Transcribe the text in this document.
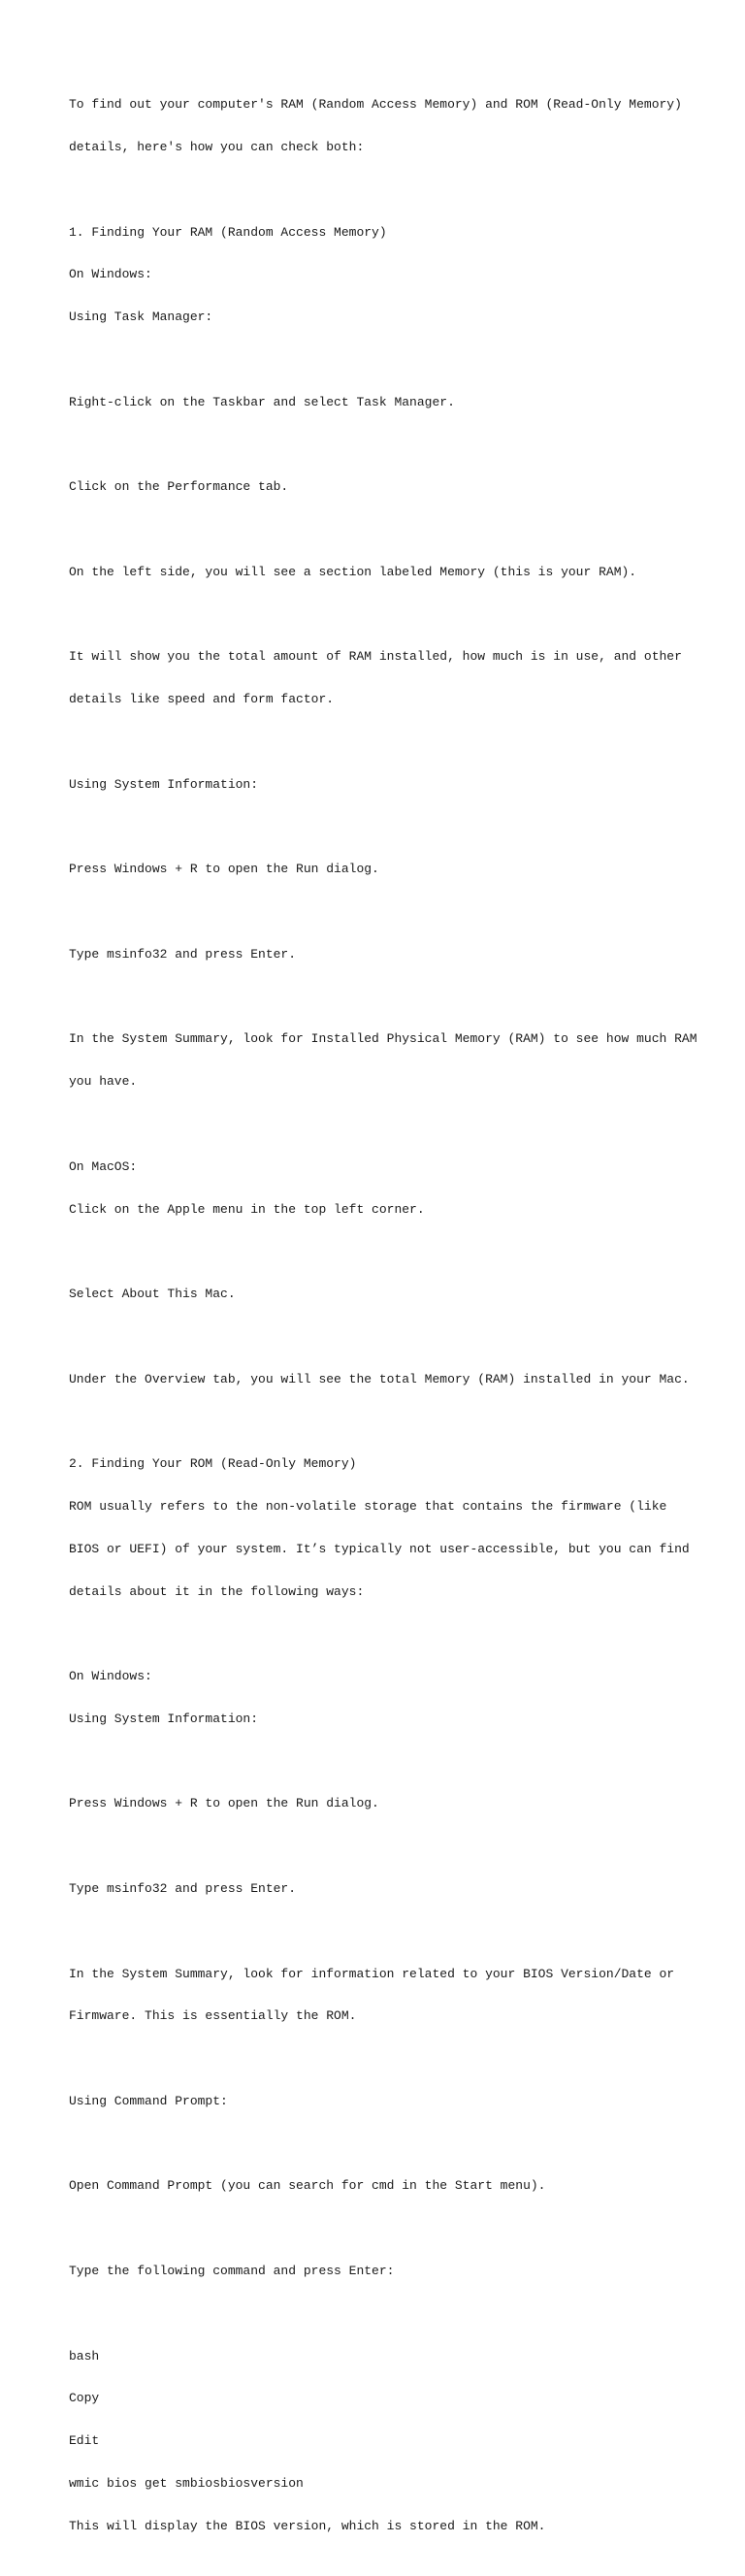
To find out your computer's RAM (Random Access Memory) and ROM (Read-Only Memory)

details, here's how you can check both:

1. Finding Your RAM (Random Access Memory)

On Windows:

Using Task Manager:

Right-click on the Taskbar and select Task Manager.

Click on the Performance tab.

On the left side, you will see a section labeled Memory (this is your RAM).

It will show you the total amount of RAM installed, how much is in use, and other

details like speed and form factor.

Using System Information:

Press Windows + R to open the Run dialog.

Type msinfo32 and press Enter.

In the System Summary, look for Installed Physical Memory (RAM) to see how much RAM

you have.

On MacOS:

Click on the Apple menu in the top left corner.

Select About This Mac.

Under the Overview tab, you will see the total Memory (RAM) installed in your Mac.

2. Finding Your ROM (Read-Only Memory)

ROM usually refers to the non-volatile storage that contains the firmware (like

BIOS or UEFI) of your system. It’s typically not user-accessible, but you can find

details about it in the following ways:

On Windows:

Using System Information:

Press Windows + R to open the Run dialog.

Type msinfo32 and press Enter.

In the System Summary, look for information related to your BIOS Version/Date or

Firmware. This is essentially the ROM.

Using Command Prompt:

Open Command Prompt (you can search for cmd in the Start menu).

Type the following command and press Enter:

bash

Copy

Edit

wmic bios get smbiosbiosversion

This will display the BIOS version, which is stored in the ROM.
